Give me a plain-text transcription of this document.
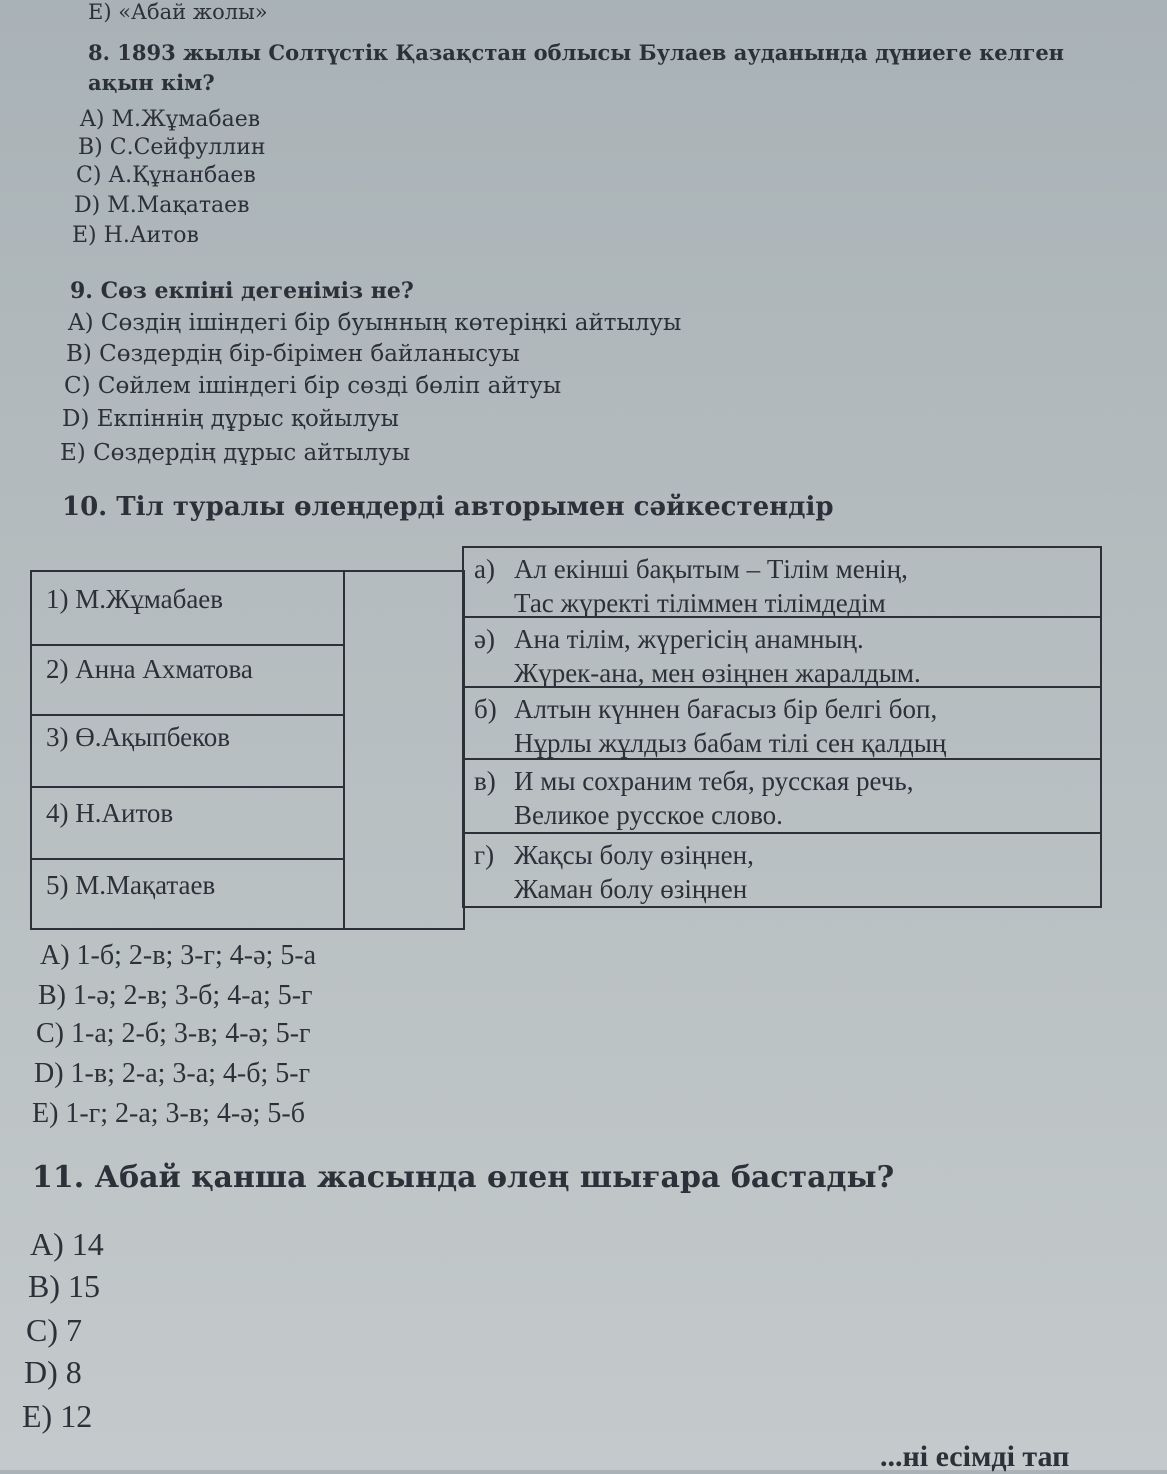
E) «Абай жолы»
8. 1893 жылы Солтүстік Қазақстан облысы Булаев ауданында дүниеге келген
ақын кім?
A) М.Жұмабаев
B) С.Сейфуллин
C) А.Құнанбаев
D) М.Мақатаев
E) Н.Аитов
9. Сөз екпіні дегеніміз не?
A) Сөздің ішіндегі бір буынның көтеріңкі айтылуы
B) Сөздердің бір-бірімен байланысуы
C) Сөйлем ішіндегі бір сөзді бөліп айтуы
D) Екпіннің дұрыс қойылуы
E) Сөздердің дұрыс айтылуы
10. Тіл туралы өлеңдерді авторымен сәйкестендір
1) М.Жұмабаев
2) Анна Ахматова
3) Ө.Ақыпбеков
4) Н.Аитов
5) М.Мақатаев
а) Ал екінші бақытым – Тілім менің,
Тас жүректі тіліммен тілімдедім
ә) Ана тілім, жүрегісің анамның.
Жүрек-ана, мен өзіңнен жаралдым.
б) Алтын күннен бағасыз бір белгі боп,
Нұрлы жұлдыз бабам тілі сен қалдың
в) И мы сохраним тебя, русская речь,
Великое русское слово.
г) Жақсы болу өзіңнен,
Жаман болу өзіңнен
A) 1-б; 2-в; 3-г; 4-ә; 5-а
B) 1-ә; 2-в; 3-б; 4-а; 5-г
C) 1-а; 2-б; 3-в; 4-ә; 5-г
D) 1-в; 2-а; 3-а; 4-б; 5-г
E) 1-г; 2-а; 3-в; 4-ә; 5-б
11. Абай қанша жасында өлең шығара бастады?
A) 14
B) 15
C) 7
D) 8
E) 12
...ні есімді тап
